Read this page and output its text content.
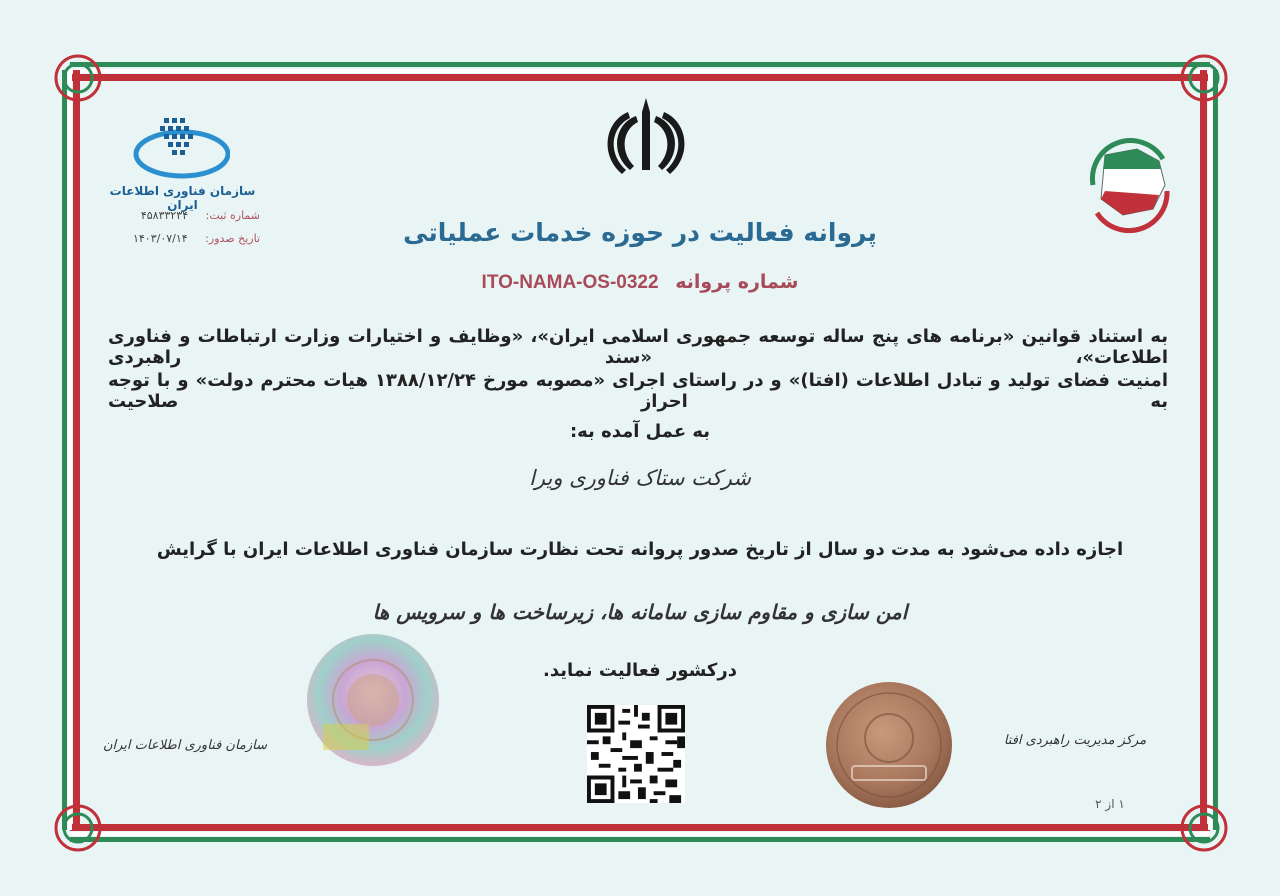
سازمان فناوری اطلاعات ایران
شماره ثبت: ۴۵۸۳۳۲۳۴
تاریخ صدور: ۱۴۰۳/۰۷/۱۴	پروانه فعالیت در حوزه خدمات عملیاتی
ITO-NAMA-OS-0322 شماره پروانه
به استناد قوانین «برنامه های پنج ساله توسعه جمهوری اسلامی ایران»، «وظایف و اختیارات وزارت ارتباطات و فناوری اطلاعات»، «سند راهبردی
امنیت فضای تولید و تبادل اطلاعات (افتا)» و در راستای اجرای «مصوبه مورخ ۱۳۸۸/۱۲/۲۴ هیات محترم دولت» و با توجه به احراز صلاحیت
به عمل آمده به:
شرکت ستاک فناوری ویرا
اجازه داده می‌شود به مدت دو سال از تاریخ صدور پروانه تحت نظارت سازمان فناوری اطلاعات ایران با گرایش
امن سازی و مقاوم سازی سامانه ها، زیرساخت ها و سرویس ها
درکشور فعالیت نماید.
سازمان فناوری اطلاعات ایران	مرکز مدیریت راهبردی افتا
۱ از ۲
